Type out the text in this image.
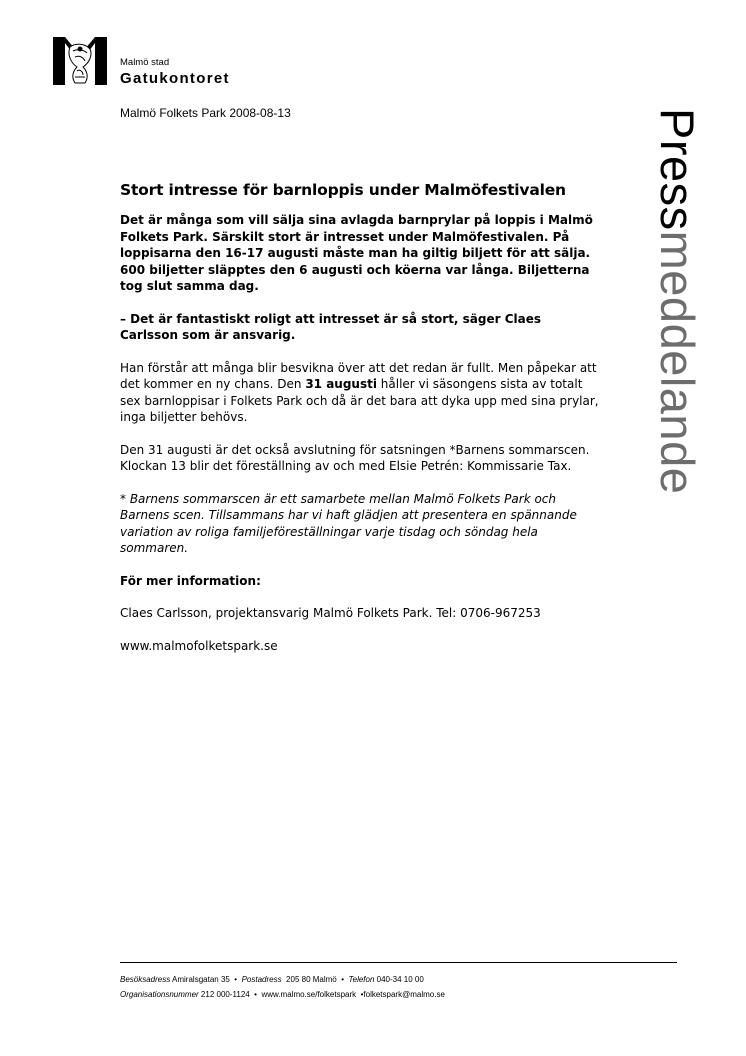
Malmö stad
Gatukontoret
Malmö Folkets Park 2008-08-13	Pressmeddelande
Stort intresse för barnloppis under Malmöfestivalen

Det är många som vill sälja sina avlagda barnprylar på loppis i Malmö Folkets Park. Särskilt stort är intresset under Malmöfestivalen. På loppisarna den 16-17 augusti måste man ha giltig biljett för att sälja. 600 biljetter släpptes den 6 augusti och köerna var långa. Biljetterna tog slut samma dag.

– Det är fantastiskt roligt att intresset är så stort, säger Claes Carlsson som är ansvarig.

Han förstår att många blir besvikna över att det redan är fullt. Men påpekar att det kommer en ny chans. Den 31 augusti håller vi säsongens sista av totalt sex barnloppisar i Folkets Park och då är det bara att dyka upp med sina prylar, inga biljetter behövs.

Den 31 augusti är det också avslutning för satsningen *Barnens sommarscen. Klockan 13 blir det föreställning av och med Elsie Petrén: Kommissarie Tax.

* Barnens sommarscen är ett samarbete mellan Malmö Folkets Park och Barnens scen. Tillsammans har vi haft glädjen att presentera en spännande variation av roliga familjeföreställningar varje tisdag och söndag hela sommaren.

För mer information:

Claes Carlsson, projektansvarig Malmö Folkets Park. Tel: 0706-967253

www.malmofolketspark.se

Besöksadress Amiralsgatan 35 • Postadress  205 80 Malmö • Telefon 040-34 10 00
Organisationsnummer 212 000-1124 • www.malmo.se/folketspark •folketspark@malmo.se
